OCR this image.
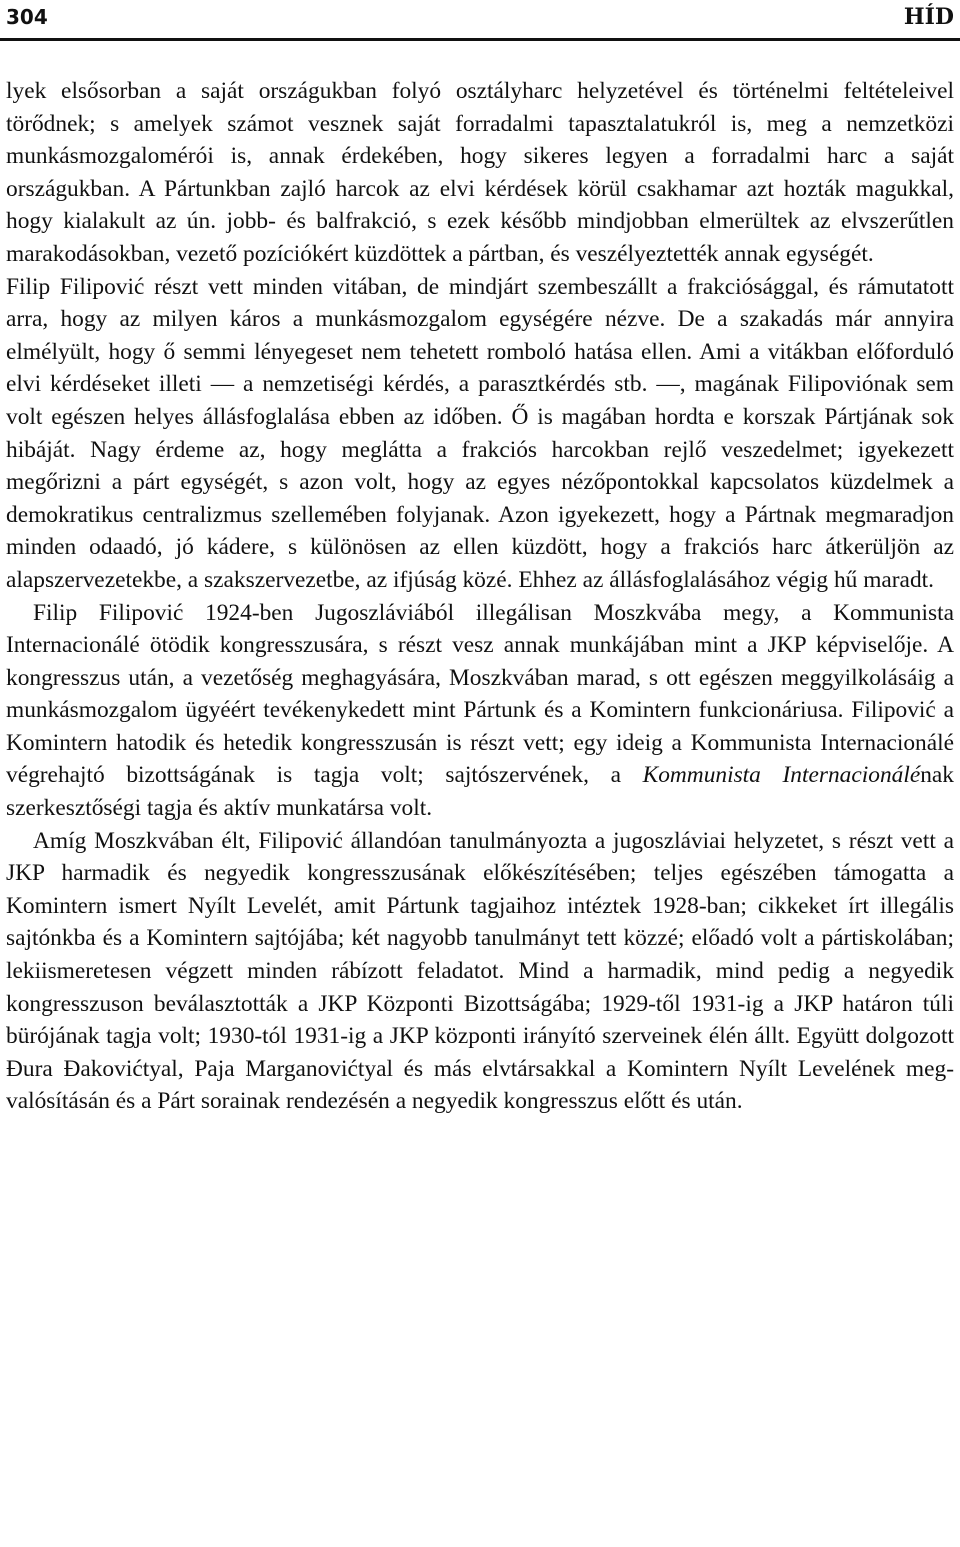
304	HÍD

lyek elsősorban a saját országukban folyó osztályharc helyzetével és történelmi feltételeivel törődnek; s amelyek számot vesznek saját forradalmi tapasztalatukról is, meg a nemzetközi munkásmozgalomérói is, annak érdekében, hogy sikeres legyen a forradalmi harc a saját országukban. A Pártunkban zajló harcok az elvi kérdések körül csakhamar azt hozták magukkal, hogy kialakult az ún. jobb- és balfrakció, s ezek később mindjobban elmerültek az elvszerűtlen marakodásokban, vezető pozíciókért küzdöttek a pártban, és veszélyeztették annak egységét.

Filip Filipović részt vett minden vitában, de mindjárt szembeszállt a frakciósággal, és rámutatott arra, hogy az milyen káros a munkásmozgalom egységére nézve. De a szakadás már annyira elmélyült, hogy ő semmi lényegeset nem tehetett romboló hatása ellen. Ami a vitákban előforduló elvi kérdéseket illeti — a nemzetiségi kérdés, a parasztkérdés stb. —, magának Filipoviónak sem volt egészen helyes állásfoglalása ebben az időben. Ő is magában hordta e korszak Pártjának sok hibáját. Nagy érdeme az, hogy meglátta a frakciós harcokban rejlő veszedelmet; igyekezett megőrizni a párt egységét, s azon volt, hogy az egyes nézőpontokkal kapcsolatos küzdelmek a demokratikus centralizmus szellemében folyjanak. Azon igyekezett, hogy a Pártnak megmaradjon minden odaadó, jó kádere, s különösen az ellen küzdött, hogy a frakciós harc átkerüljön az alapszervezetekbe, a szakszervezetbe, az ifjúság közé. Ehhez az állásfoglalásához végig hű maradt.

Filip Filipović 1924-ben Jugoszláviából illegálisan Moszkvába megy, a Kommunista Internacionálé ötödik kongresszusára, s részt vesz annak munkájában mint a JKP képviselője. A kongresszus után, a vezetőség meghagyására, Moszkvában marad, s ott egészen meggyilkolásáig a munkásmozgalom ügyéért tevékenykedett mint Pártunk és a Komintern funkcionáriusa. Filipović a Komintern hatodik és hetedik kongresszusán is részt vett; egy ideig a Kommunista Internacionálé végrehajtó bizottságának is tagja volt; sajtószervének, a Kommunista Internacionálénak szerkesztőségi tagja és aktív munkatársa volt.

Amíg Moszkvában élt, Filipović állandóan tanulmányozta a jugoszláviai helyzetet, s részt vett a JKP harmadik és negyedik kongresszusának előkészítésében; teljes egészében támogatta a Komintern ismert Nyílt Levelét, amit Pártunk tagjaihoz intéztek 1928-ban; cikkeket írt illegális sajtónkba és a Komintern sajtójába; két nagyobb tanulmányt tett közzé; előadó volt a pártiskolában; lekiismeretesen végzett minden rábízott feladatot. Mind a harmadik, mind pedig a negyedik kongresszuson beválasztották a JKP Központi Bizottságába; 1929-től 1931-ig a JKP határon túli bürójának tagja volt; 1930-tól 1931-ig a JKP központi irányító szerveinek élén állt. Együtt dolgozott Đura Đakovićtyal, Paja Marganovićtyal és más elvtársakkal a Komintern Nyílt Levelének megvalósításán és a Párt sorainak rendezésén a negyedik kongresszus előtt és után.
